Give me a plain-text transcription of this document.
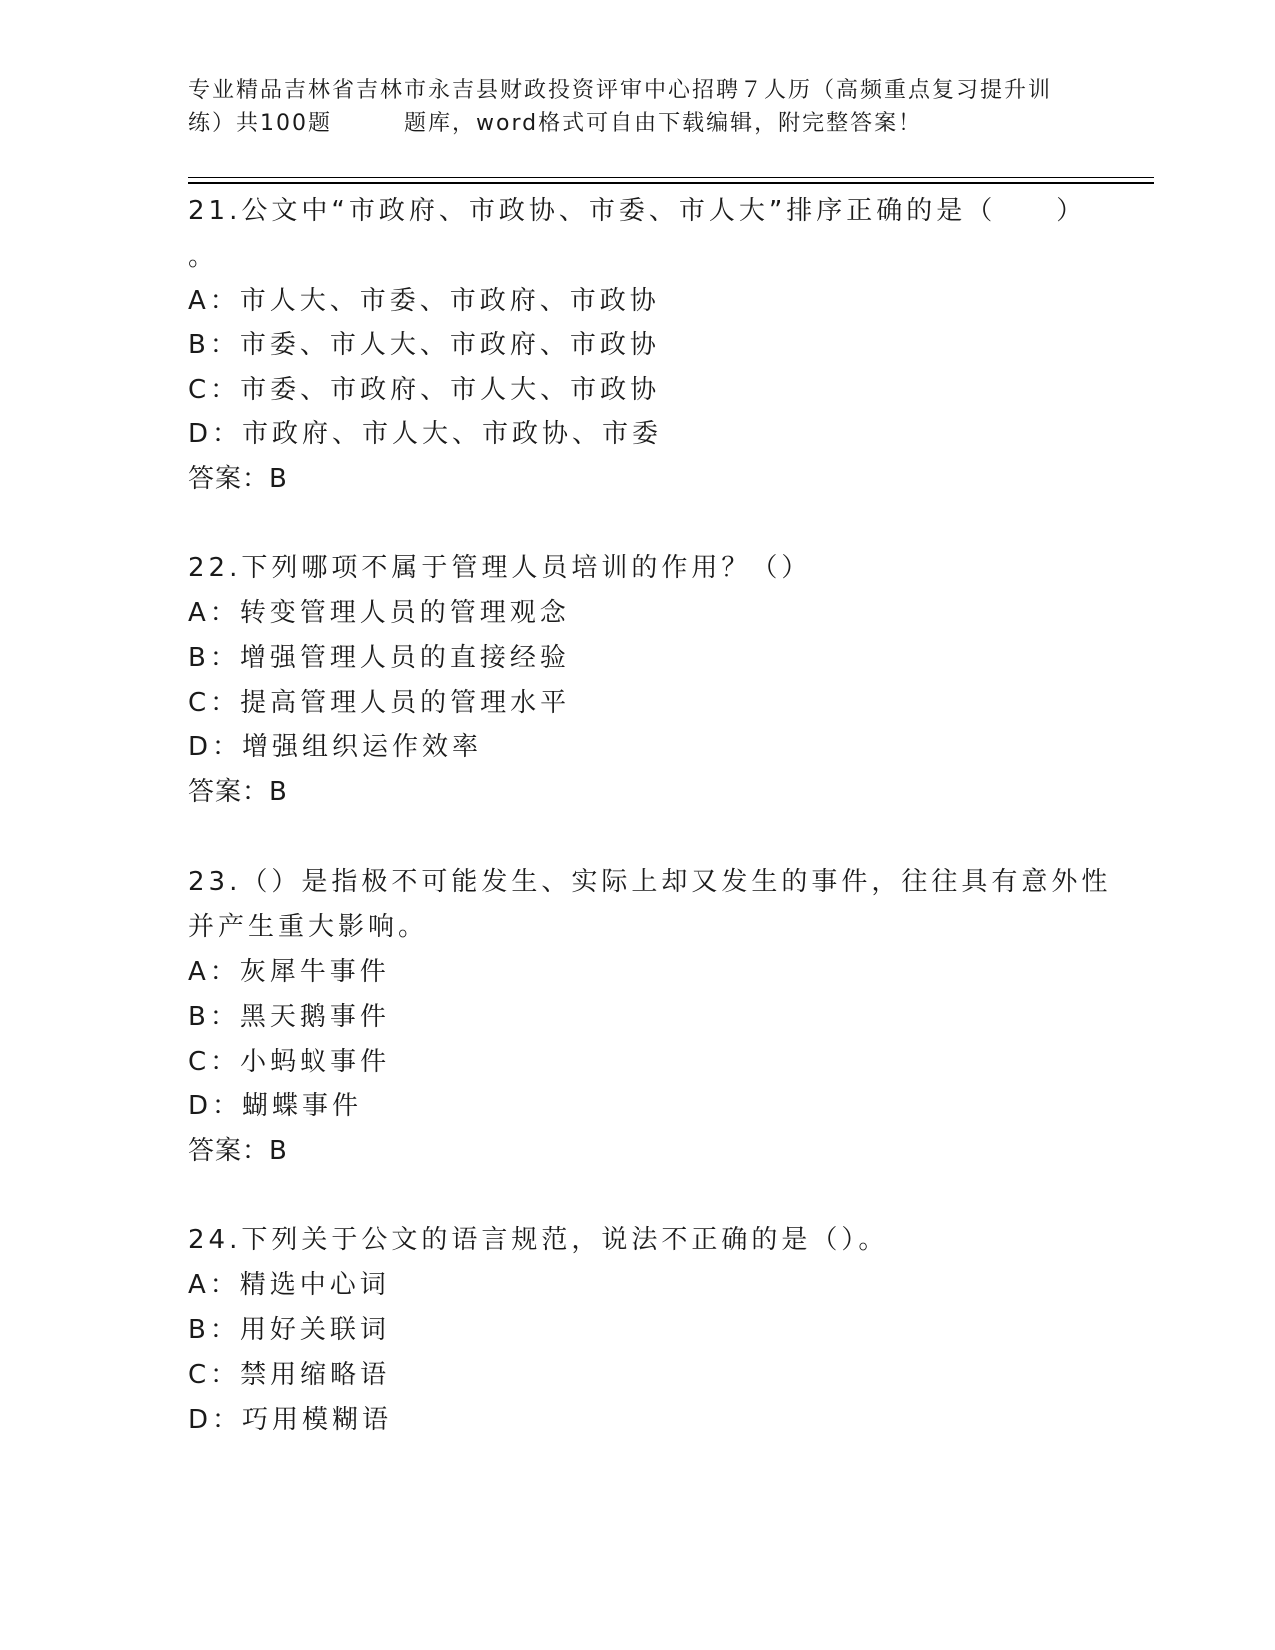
专业精品吉林省吉林市永吉县财政投资评审中心招聘７人历（高频重点复习提升训
练）共100题	题库，word格式可自由下载编辑，附完整答案！
21.公文中“市政府、市政协、市委、市人大”排序正确的是（　　）
。
A：市人大、市委、市政府、市政协
B：市委、市人大、市政府、市政协
C：市委、市政府、市人大、市政协
D：市政府、市人大、市政协、市委
答案：B
22.下列哪项不属于管理人员培训的作用？（）
A：转变管理人员的管理观念
B：增强管理人员的直接经验
C：提高管理人员的管理水平
D：增强组织运作效率
答案：B
23.（）是指极不可能发生、实际上却又发生的事件，往往具有意外性
并产生重大影响。
A：灰犀牛事件
B：黑天鹅事件
C：小蚂蚁事件
D：蝴蝶事件
答案：B
24.下列关于公文的语言规范，说法不正确的是（）。
A：精选中心词
B：用好关联词
C：禁用缩略语
D：巧用模糊语
